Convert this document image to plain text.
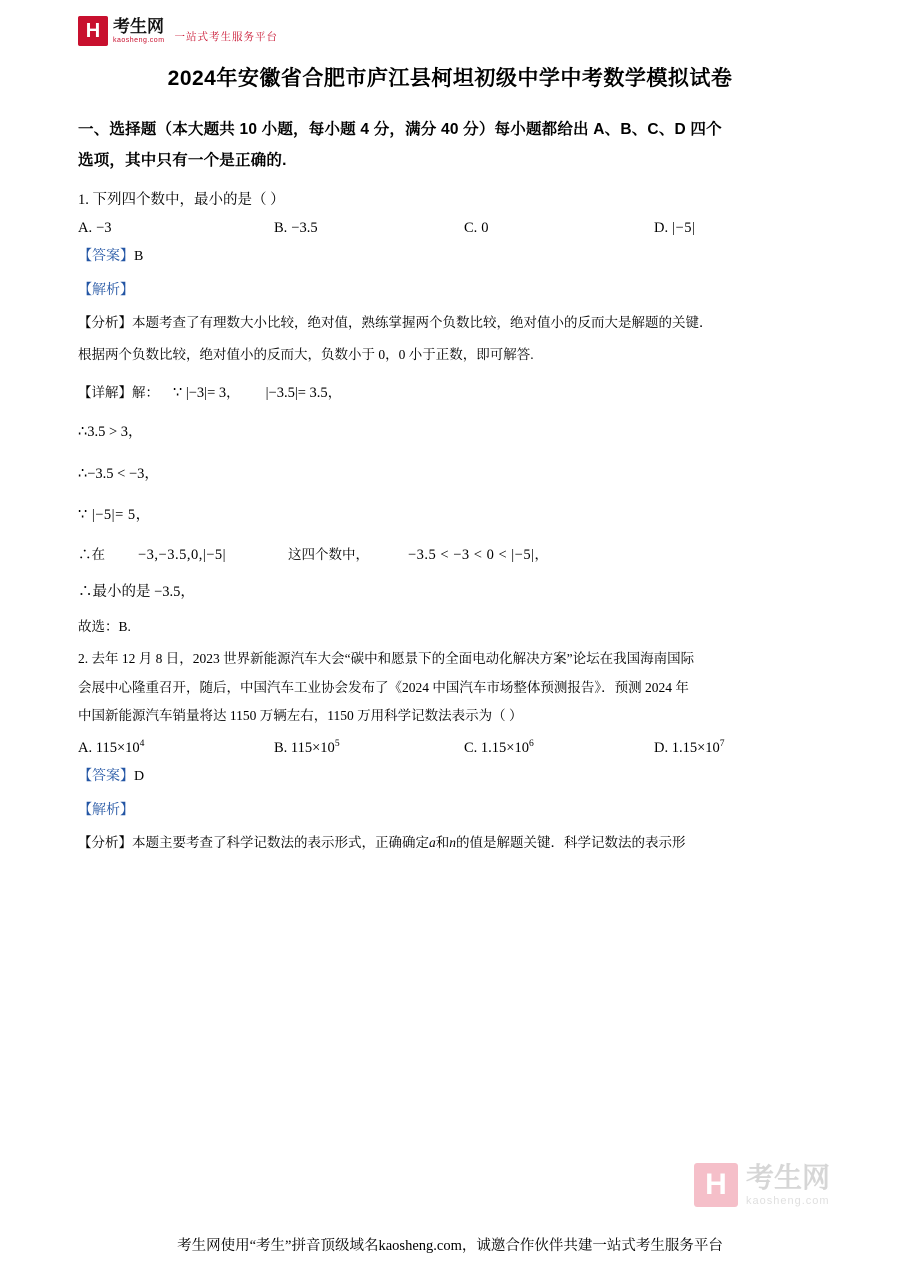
H 考生网
kaosheng.com 一站式考生服务平台
2024年安徽省合肥市庐江县柯坦初级中学中考数学模拟试卷
一、选择题（本大题共 10 小题，每小题 4 分，满分 40 分）每小题都给出 A、B、C、D 四个
选项，其中只有一个是正确的.
1. 下列四个数中，最小的是（ ）
A. −3	B. −3.5	C. 0	D. |−5|
【答案】B
【解析】
【分析】本题考查了有理数大小比较，绝对值，熟练掌握两个负数比较，绝对值小的反而大是解题的关键．
根据两个负数比较，绝对值小的反而大，负数小于 0，0 小于正数，即可解答.
【详解】 解： ∵ |−3|= 3 ， |−3.5|= 3.5 ，
∴3.5 > 3，
∴−3.5 < −3，
∵ |−5|= 5，
∴在	−3,−3.5,0,|−5|	这四个数中，	−3.5 < −3 < 0 < |−5| ，
∴最小的是 −3.5，
故选：B.
2. 去年 12 月 8 日，2023 世界新能源汽车大会“碳中和愿景下的全面电动化解决方案”论坛在我国海南国际
会展中心隆重召开，随后，中国汽车工业协会发布了《2024 中国汽车市场整体预测报告》．预测 2024 年
中国新能源汽车销量将达 1150 万辆左右，1150 万用科学记数法表示为（ ）
A. $115\times 10^4$	B. $115\times 10^5$	C. $1.15\times 10^6$	D. $1.15\times 10^7$
【答案】D
【解析】
【分析】本题主要考查了科学记数法的表示形式，正确确定a和n的值是解题关键．科学记数法的表示形
H 考生网
kaosheng.com
考生网使用“考生”拼音顶级域名kaosheng.com，诚邀合作伙伴共建一站式考生服务平台
